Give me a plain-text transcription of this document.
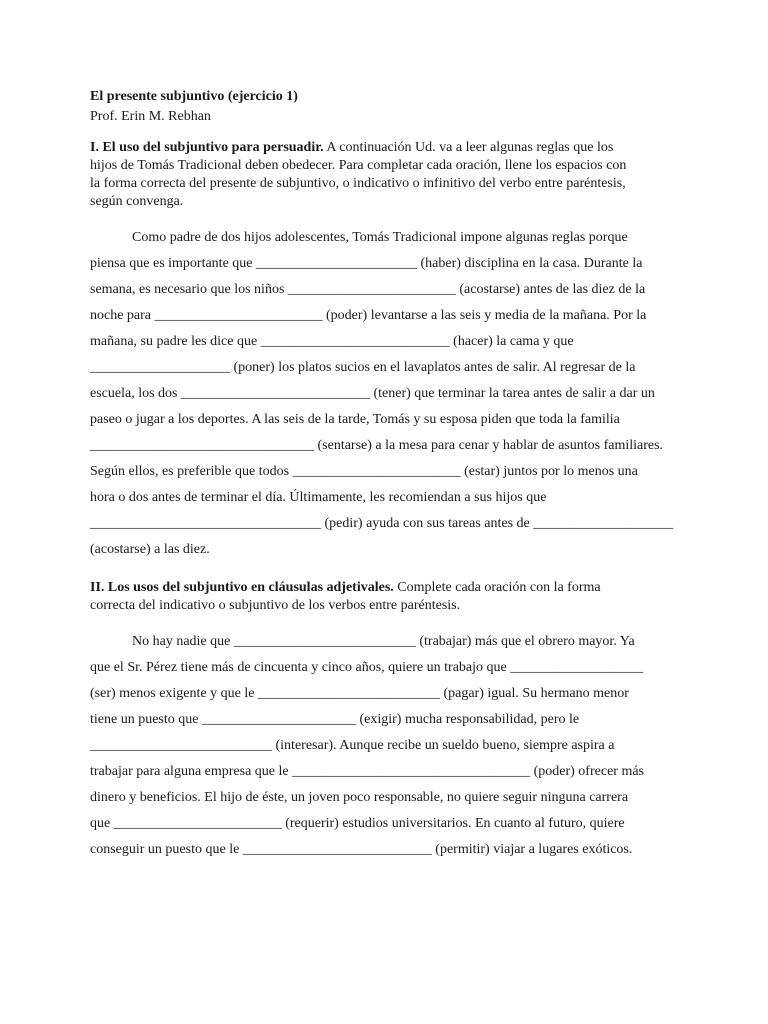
El presente subjuntivo (ejercicio 1)
Prof. Erin M. Rebhan
I. El uso del subjuntivo para persuadir. A continuación Ud. va a leer algunas reglas que los
hijos de Tomás Tradicional deben obedecer. Para completar cada oración, llene los espacios con
la forma correcta del presente de subjuntivo, o indicativo o infinitivo del verbo entre paréntesis,
según convenga.
Como padre de dos hijos adolescentes, Tomás Tradicional impone algunas reglas porque
piensa que es importante que _______________________ (haber) disciplina en la casa. Durante la
semana, es necesario que los niños ________________________ (acostarse) antes de las diez de la
noche para ________________________ (poder) levantarse a las seis y media de la mañana. Por la
mañana, su padre les dice que ___________________________ (hacer) la cama y que
____________________ (poner) los platos sucios en el lavaplatos antes de salir. Al regresar de la
escuela, los dos ___________________________ (tener) que terminar la tarea antes de salir a dar un
paseo o jugar a los deportes. A las seis de la tarde, Tomás y su esposa piden que toda la familia
________________________________ (sentarse) a la mesa para cenar y hablar de asuntos familiares.
Según ellos, es preferible que todos ________________________ (estar) juntos por lo menos una
hora o dos antes de terminar el día. Últimamente, les recomiendan a sus hijos que
_________________________________ (pedir) ayuda con sus tareas antes de ____________________
(acostarse) a las diez.
II. Los usos del subjuntivo en cláusulas adjetivales. Complete cada oración con la forma
correcta del indicativo o subjuntivo de los verbos entre paréntesis.
No hay nadie que __________________________ (trabajar) más que el obrero mayor. Ya
que el Sr. Pérez tiene más de cincuenta y cinco años, quiere un trabajo que ___________________
(ser) menos exigente y que le __________________________ (pagar) igual. Su hermano menor
tiene un puesto que ______________________ (exigir) mucha responsabilidad, pero le
__________________________ (interesar). Aunque recibe un sueldo bueno, siempre aspira a
trabajar para alguna empresa que le __________________________________ (poder) ofrecer más
dinero y beneficios. El hijo de éste, un joven poco responsable, no quiere seguir ninguna carrera
que ________________________ (requerir) estudios universitarios. En cuanto al futuro, quiere
conseguir un puesto que le ___________________________ (permitir) viajar a lugares exóticos.
